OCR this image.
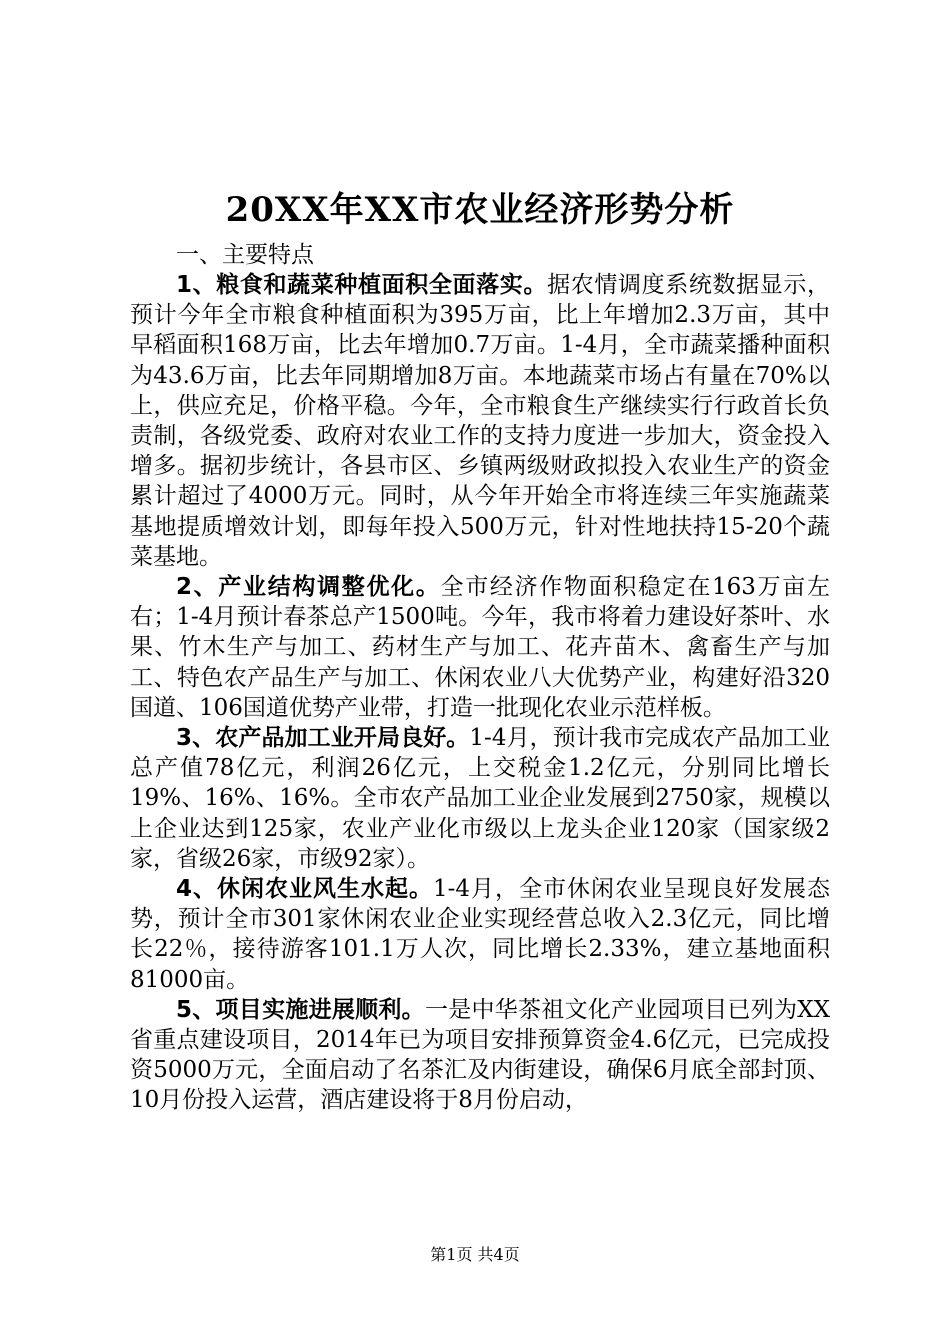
20XX年XX市农业经济形势分析

一、主要特点

1、粮食和蔬菜种植面积全面落实。据农情调度系统数据显示，预计今年全市粮食种植面积为395万亩，比上年增加2.3万亩，其中早稻面积168万亩，比去年增加0.7万亩。1-4月，全市蔬菜播种面积为43.6万亩，比去年同期增加8万亩。本地蔬菜市场占有量在70%以上，供应充足，价格平稳。今年，全市粮食生产继续实行行政首长负责制，各级党委、政府对农业工作的支持力度进一步加大，资金投入增多。据初步统计，各县市区、乡镇两级财政拟投入农业生产的资金累计超过了4000万元。同时，从今年开始全市将连续三年实施蔬菜基地提质增效计划，即每年投入500万元，针对性地扶持15-20个蔬菜基地。

2、产业结构调整优化。全市经济作物面积稳定在163万亩左右；1-4月预计春茶总产1500吨。今年，我市将着力建设好茶叶、水果、竹木生产与加工、药材生产与加工、花卉苗木、禽畜生产与加工、特色农产品生产与加工、休闲农业八大优势产业，构建好沿320国道、106国道优势产业带，打造一批现化农业示范样板。

3、农产品加工业开局良好。1-4月，预计我市完成农产品加工业总产值78亿元，利润26亿元，上交税金1.2亿元，分别同比增长19%、16%、16%。全市农产品加工业企业发展到2750家，规模以上企业达到125家，农业产业化市级以上龙头企业120家（国家级2家，省级26家，市级92家）。

4、休闲农业风生水起。1-4月，全市休闲农业呈现良好发展态势，预计全市301家休闲农业企业实现经营总收入2.3亿元，同比增长22％，接待游客101.1万人次，同比增长2.33%，建立基地面积81000亩。

5、项目实施进展顺利。一是中华茶祖文化产业园项目已列为XX省重点建设项目，2014年已为项目安排预算资金4.6亿元，已完成投资5000万元，全面启动了名茶汇及内街建设，确保6月底全部封顶、10月份投入运营，酒店建设将于8月份启动，

第1页 共4页
